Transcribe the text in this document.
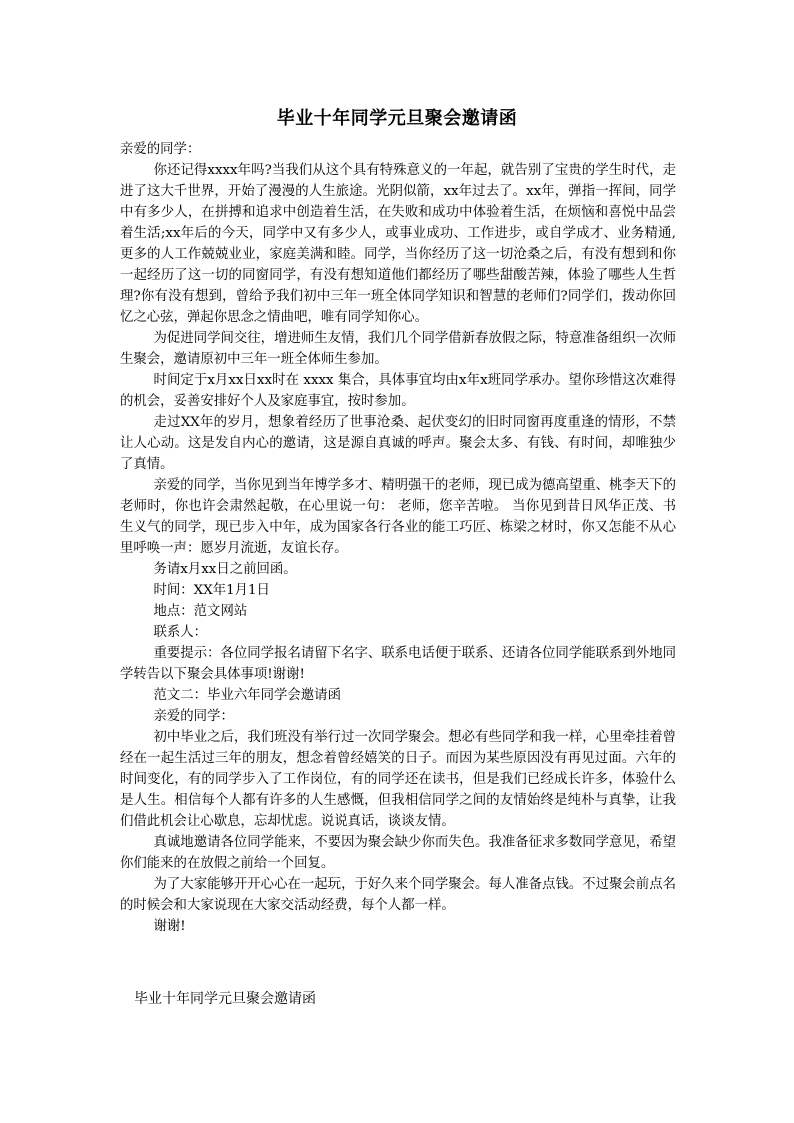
毕业十年同学元旦聚会邀请函

亲爱的同学：

你还记得xxxx年吗?当我们从这个具有特殊意义的一年起，就告别了宝贵的学生时代，走进了这大千世界，开始了漫漫的人生旅途。光阴似箭，xx年过去了。xx年，弹指一挥间，同学中有多少人，在拼搏和追求中创造着生活，在失败和成功中体验着生活，在烦恼和喜悦中品尝着生活;xx年后的今天，同学中又有多少人，或事业成功、工作进步，或自学成才、业务精通,更多的人工作兢兢业业，家庭美满和睦。同学，当你经历了这一切沧桑之后，有没有想到和你一起经历了这一切的同窗同学，有没有想知道他们都经历了哪些甜酸苦辣，体验了哪些人生哲理?你有没有想到，曾给予我们初中三年一班全体同学知识和智慧的老师们?同学们，拨动你回忆之心弦，弹起你思念之情曲吧，唯有同学知你心。

为促进同学间交往，增进师生友情，我们几个同学借新春放假之际，特意准备组织一次师生聚会，邀请原初中三年一班全体师生参加。

时间定于x月xx日xx时在 xxxx 集合，具体事宜均由x年x班同学承办。望你珍惜这次难得的机会，妥善安排好个人及家庭事宜，按时参加。

走过XX年的岁月，想象着经历了世事沧桑、起伏变幻的旧时同窗再度重逢的情形，不禁让人心动。这是发自内心的邀请，这是源自真诚的呼声。聚会太多、有钱、有时间，却唯独少了真情。

亲爱的同学，当你见到当年博学多才、精明强干的老师，现已成为德高望重、桃李天下的老师时，你也许会肃然起敬，在心里说一句： 老师，您辛苦啦。 当你见到昔日风华正茂、书生义气的同学，现已步入中年，成为国家各行各业的能工巧匠、栋梁之材时，你又怎能不从心里呼唤一声：愿岁月流逝，友谊长存。

务请x月xx日之前回函。

时间：XX年1月1日

地点：范文网站

联系人：

重要提示：各位同学报名请留下名字、联系电话便于联系、还请各位同学能联系到外地同学转告以下聚会具体事项!谢谢!

范文二：毕业六年同学会邀请函

亲爱的同学：

初中毕业之后，我们班没有举行过一次同学聚会。想必有些同学和我一样，心里牵挂着曾经在一起生活过三年的朋友，想念着曾经嬉笑的日子。而因为某些原因没有再见过面。六年的时间变化，有的同学步入了工作岗位，有的同学还在读书，但是我们已经成长许多，体验什么是人生。相信每个人都有许多的人生感慨，但我相信同学之间的友情始终是纯朴与真挚，让我们借此机会让心歇息，忘却忧虑。说说真话，谈谈友情。

真诚地邀请各位同学能来，不要因为聚会缺少你而失色。我准备征求多数同学意见，希望你们能来的在放假之前给一个回复。

为了大家能够开开心心在一起玩，于好久来个同学聚会。每人准备点钱。不过聚会前点名的时候会和大家说现在大家交活动经费，每个人都一样。

谢谢!

毕业十年同学元旦聚会邀请函
